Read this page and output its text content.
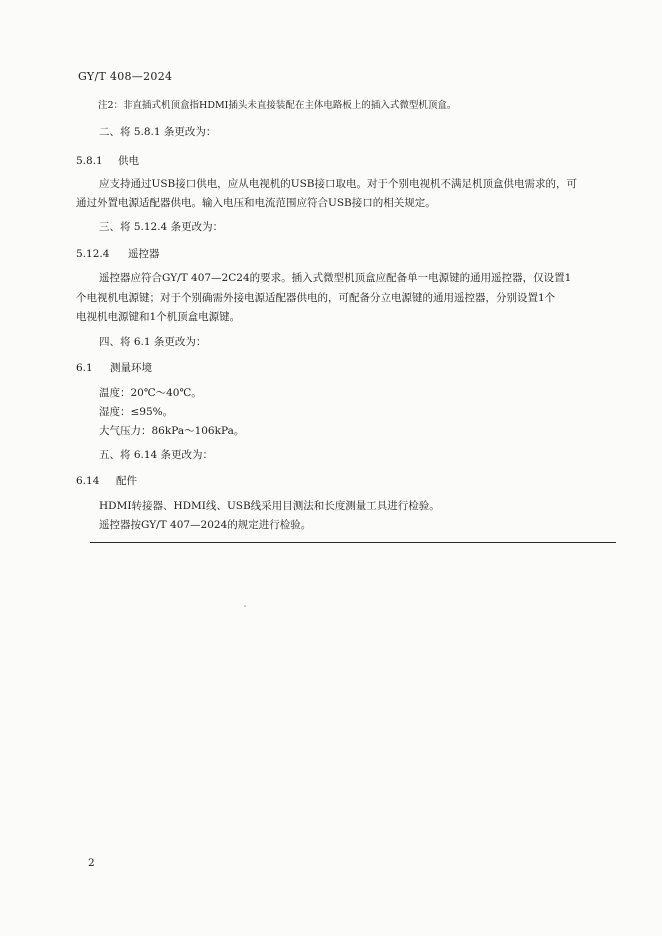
GY/T 408—2024
注2：非直插式机顶盒指HDMI插头未直接装配在主体电路板上的插入式微型机顶盒。
二、将 5.8.1 条更改为：
5.8.1 供电
应支持通过USB接口供电，应从电视机的USB接口取电。对于个别电视机不满足机顶盒供电需求的，可
通过外置电源适配器供电。输入电压和电流范围应符合USB接口的相关规定。
三、将 5.12.4 条更改为：
5.12.4 遥控器
遥控器应符合GY/T 407—2C24的要求。插入式微型机顶盒应配备单一电源键的通用遥控器，仅设置1
个电视机电源键；对于个别确需外接电源适配器供电的，可配备分立电源键的通用遥控器，分别设置1个
电视机电源键和1个机顶盒电源键。
四、将 6.1 条更改为：
6.1 测量环境
温度：20℃～40℃。
湿度：≤95%。
大气压力：86kPa～106kPa。
五、将 6.14 条更改为：
6.14 配件
HDMI转接器、HDMI线、USB线采用目测法和长度测量工具进行检验。
遥控器按GY/T 407—2024的规定进行检验。
2
